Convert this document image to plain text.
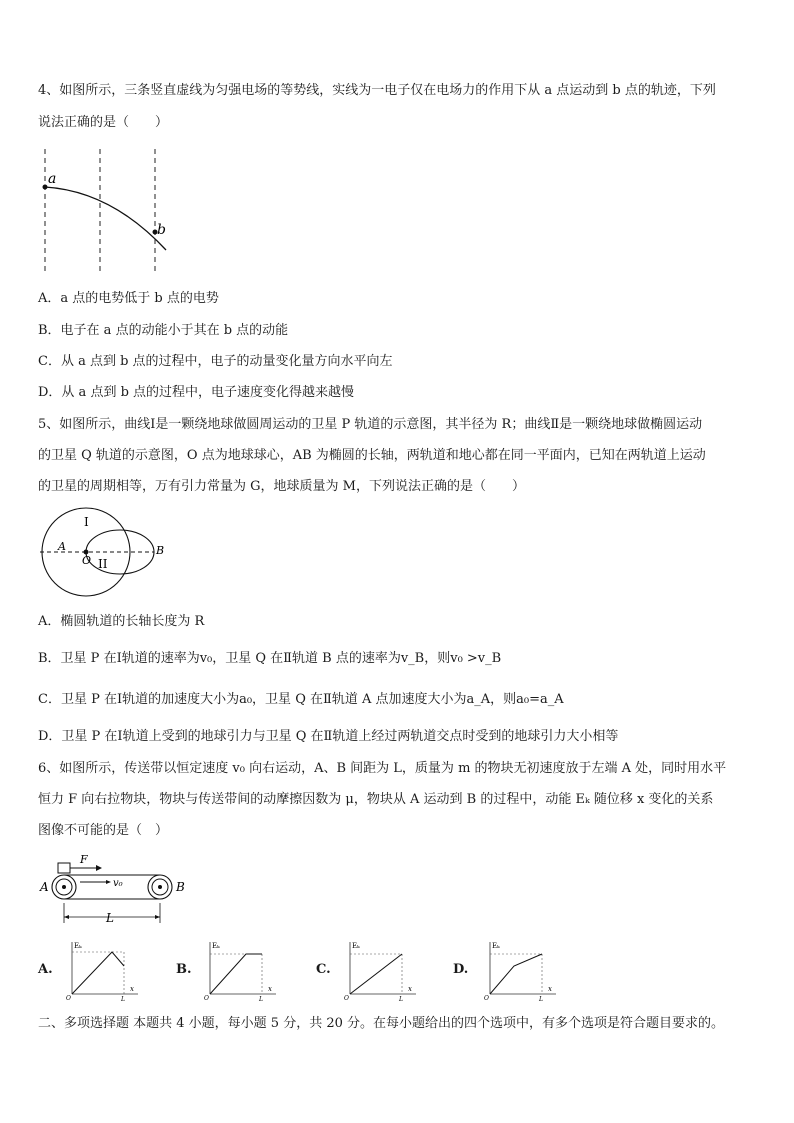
4、如图所示，三条竖直虚线为匀强电场的等势线，实线为一电子仅在电场力的作用下从 a 点运动到 b 点的轨迹，下列
说法正确的是（　　）
a
b
A．a 点的电势低于 b 点的电势
B．电子在 a 点的动能小于其在 b 点的动能
C．从 a 点到 b 点的过程中，电子的动量变化量方向水平向左
D．从 a 点到 b 点的过程中，电子速度变化得越来越慢
5、如图所示，曲线Ⅰ是一颗绕地球做圆周运动的卫星 P 轨道的示意图，其半径为 R；曲线Ⅱ是一颗绕地球做椭圆运动
的卫星 Q 轨道的示意图，O 点为地球球心，AB 为椭圆的长轴，两轨道和地心都在同一平面内，已知在两轨道上运动
的卫星的周期相等，万有引力常量为 G，地球质量为 M，下列说法正确的是（　　）
I
II
A	B
O
A．椭圆轨道的长轴长度为 R
B．卫星 P 在Ⅰ轨道的速率为v₀，卫星 Q 在Ⅱ轨道 B 点的速率为v_B，则v₀ >v_B
C．卫星 P 在Ⅰ轨道的加速度大小为a₀，卫星 Q 在Ⅱ轨道 A 点加速度大小为a_A，则a₀=a_A
D．卫星 P 在Ⅰ轨道上受到的地球引力与卫星 Q 在Ⅱ轨道上经过两轨道交点时受到的地球引力大小相等
6、如图所示，传送带以恒定速度 v₀ 向右运动，A、B 间距为 L，质量为 m 的物块无初速度放于左端 A 处，同时用水平
恒力 F 向右拉物块，物块与传送带间的动摩擦因数为 μ，物块从 A 运动到 B 的过程中，动能 Eₖ 随位移 x 变化的关系
图像不可能的是（　）
F
v₀
A	B
L
A.
Eₖ
x
O	L
B.
Eₖ
x
O	L
C.
Eₖ
x
O	L
D.
Eₖ
x
O	L
二、多项选择题 本题共 4 小题，每小题 5 分，共 20 分。在每小题给出的四个选项中，有多个选项是符合题目要求的。
